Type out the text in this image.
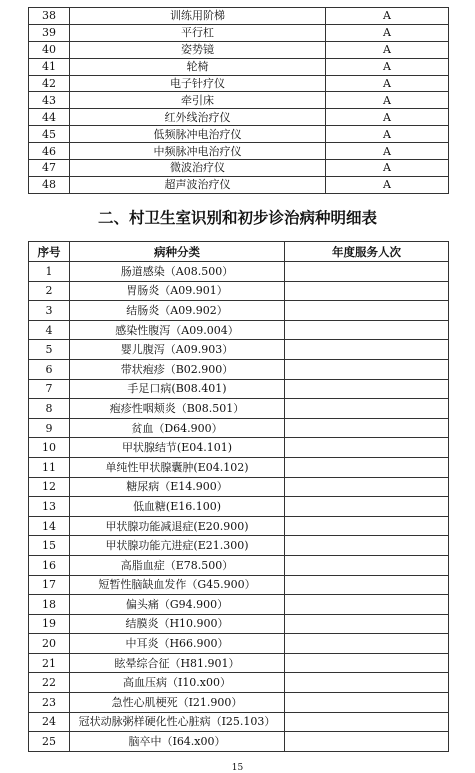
38	训练用阶梯	A
39	平行杠	A
40	姿势镜	A
41	轮椅	A
42	电子针疗仪	A
43	牵引床	A
44	红外线治疗仪	A
45	低频脉冲电治疗仪	A
46	中频脉冲电治疗仪	A
47	微波治疗仪	A
48	超声波治疗仪	A
二、村卫生室识别和初步诊治病种明细表
序号	病种分类	年度服务人次
1	肠道感染（A08.500）	
2	胃肠炎（A09.901）	
3	结肠炎（A09.902）	
4	感染性腹泻（A09.004）	
5	婴儿腹泻（A09.903）	
6	带状疱疹（B02.900）	
7	手足口病(B08.401)	
8	疱疹性咽颊炎（B08.501）	
9	贫血（D64.900）	
10	甲状腺结节(E04.101)	
11	单纯性甲状腺囊肿(E04.102)	
12	糖尿病（E14.900）	
13	低血糖(E16.100)	
14	甲状腺功能减退症(E20.900)	
15	甲状腺功能亢进症(E21.300)	
16	高脂血症（E78.500）	
17	短暂性脑缺血发作（G45.900）	
18	偏头痛（G94.900）	
19	结膜炎（H10.900）	
20	中耳炎（H66.900）	
21	眩晕综合征（H81.901）	
22	高血压病（I10.x00）	
23	急性心肌梗死（I21.900）	
24	冠状动脉粥样硬化性心脏病（I25.103）	
25	脑卒中（I64.x00）	
15
